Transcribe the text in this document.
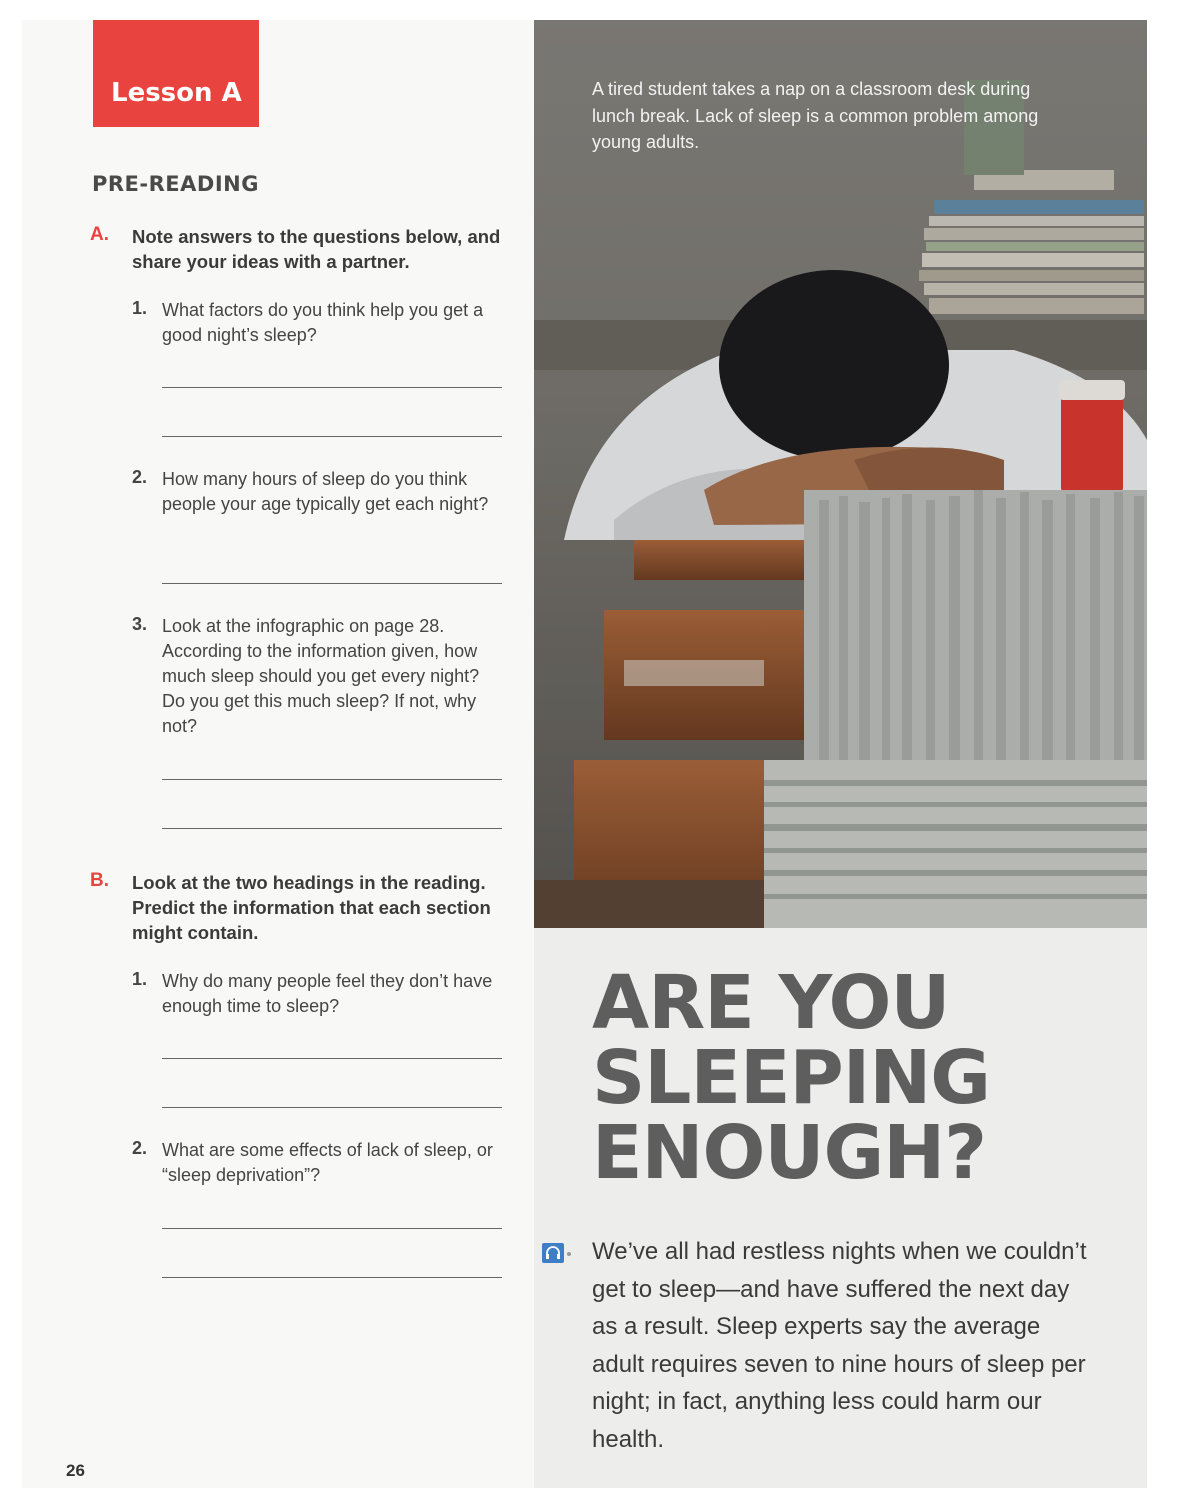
Lesson A
PRE-READING
A. Note answers to the questions below, and share your ideas with a partner.
1. What factors do you think help you get a good night’s sleep?
2. How many hours of sleep do you think people your age typically get each night?
3. Look at the infographic on page 28. According to the information given, how much sleep should you get every night? Do you get this much sleep? If not, why not?
B. Look at the two headings in the reading. Predict the information that each section might contain.
1. Why do many people feel they don’t have enough time to sleep?
2. What are some effects of lack of sleep, or “sleep deprivation”?
26
A tired student takes a nap on a classroom desk during lunch break. Lack of sleep is a common problem among young adults.
ARE YOU
SLEEPING
ENOUGH?
We’ve all had restless nights when we couldn’t get to sleep—and have suffered the next day as a result. Sleep experts say the average adult requires seven to nine hours of sleep per night; in fact, anything less could harm our health.
